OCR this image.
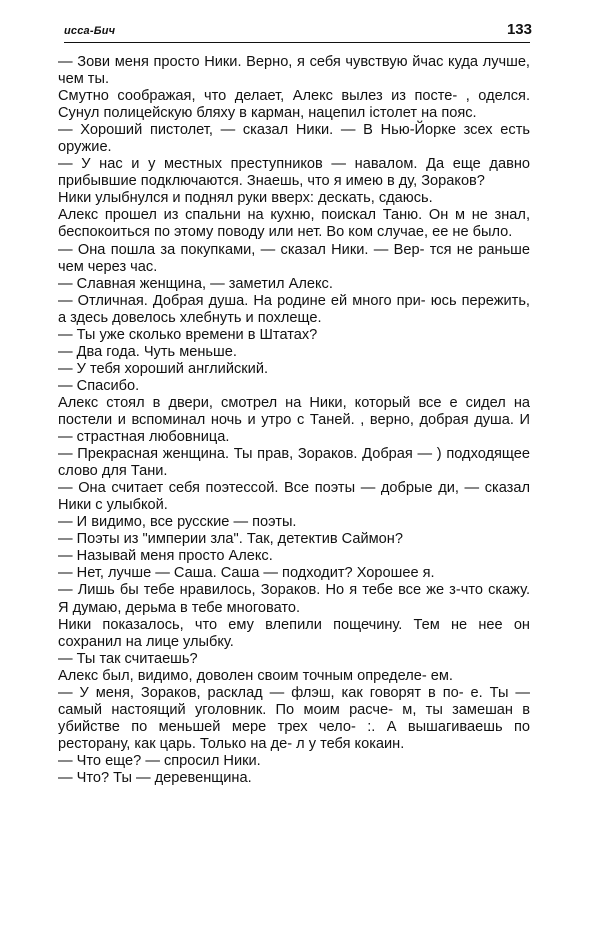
исса-Бич	133

— Зови меня просто Ники. Верно, я себя чувствую йчас куда лучше, чем ты.

Смутно соображая, что делает, Алекс вылез из посте- , оделся. Сунул полицейскую бляху в карман, нацепил істолет на пояс.

— Хороший пистолет, — сказал Ники. — В Нью-Йорке зсех есть оружие.

— У нас и у местных преступников — навалом. Да еще давно прибывшие подключаются. Знаешь, что я имею в ду, Зораков?

Ники улыбнулся и поднял руки вверх: дескать, сдаюсь.

Алекс прошел из спальни на кухню, поискал Таню. Он м не знал, беспокоиться по этому поводу или нет. Во ком случае, ее не было.

— Она пошла за покупками, — сказал Ники. — Вер- тся не раньше чем через час.

— Славная женщина, — заметил Алекс.

— Отличная. Добрая душа. На родине ей много при- юсь пережить, а здесь довелось хлебнуть и похлеще.

— Ты уже сколько времени в Штатах?

— Два года. Чуть меньше.

— У тебя хороший английский.

— Спасибо.

Алекс стоял в двери, смотрел на Ники, который все е сидел на постели и вспоминал ночь и утро с Таней. , верно, добрая душа. И — страстная любовница.

— Прекрасная женщина. Ты прав, Зораков. Добрая — ) подходящее слово для Тани.

— Она считает себя поэтессой. Все поэты — добрые ди, — сказал Ники с улыбкой.

— И видимо, все русские — поэты.

— Поэты из "империи зла". Так, детектив Саймон?

— Называй меня просто Алекс.

— Нет, лучше — Саша. Саша — подходит? Хорошее я.

— Лишь бы тебе нравилось, Зораков. Но я тебе все же з-что скажу. Я думаю, дерьма в тебе многовато.

Ники показалось, что ему влепили пощечину. Тем не нее он сохранил на лице улыбку.

— Ты так считаешь?

Алекс был, видимо, доволен своим точным определе- ем.

— У меня, Зораков, расклад — флэш, как говорят в по- е. Ты — самый настоящий уголовник. По моим расче- м, ты замешан в убийстве по меньшей мере трех чело- :. А вышагиваешь по ресторану, как царь. Только на де- л у тебя кокаин.

— Что еще? — спросил Ники.

— Что? Ты — деревенщина.
